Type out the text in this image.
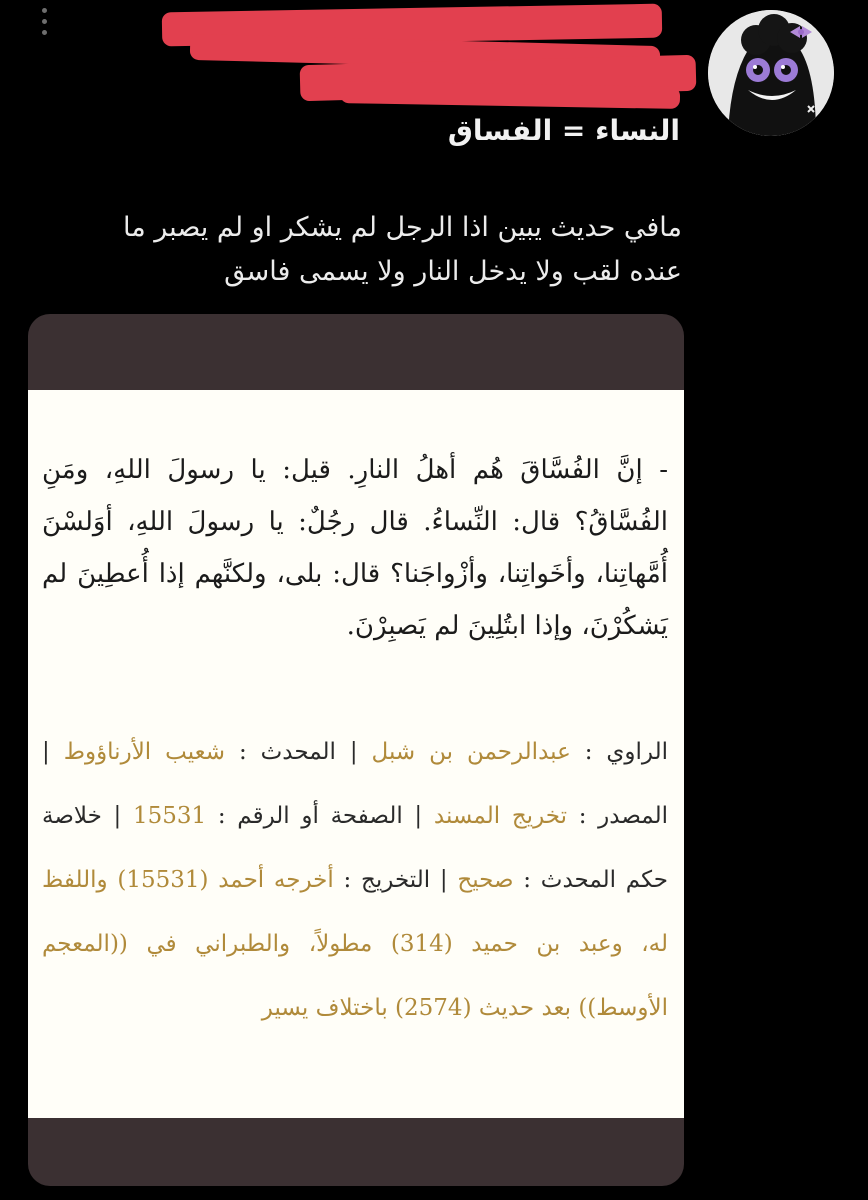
النساء = الفساق
مافي حديث يبين اذا الرجل لم يشكر او لم يصبر ما
عنده لقب ولا يدخل النار ولا يسمى فاسق
- إنَّ الفُسَّاقَ هُم أهلُ النارِ. قيل: يا رسولَ اللهِ، ومَنِ الفُسَّاقُ؟ قال: النِّساءُ. قال رجُلٌ: يا رسولَ اللهِ، أوَلسْنَ أُمَّهاتِنا، وأخَواتِنا، وأزْواجَنا؟ قال: بلى، ولكنَّهم إذا أُعطِينَ لم يَشكُرْنَ، وإذا ابتُلِينَ لم يَصبِرْنَ.
الراوي : عبدالرحمن بن شبل | المحدث : شعيب الأرناؤوط | المصدر : تخريج المسند | الصفحة أو الرقم : 15531 | خلاصة حكم المحدث : صحيح | التخريج : أخرجه أحمد (15531) واللفظ له، وعبد بن حميد (314) مطولاً، والطبراني في ((المعجم الأوسط)) بعد حديث (2574) باختلاف يسير
